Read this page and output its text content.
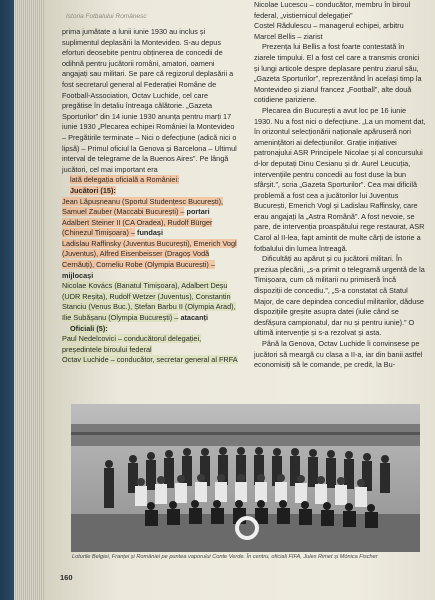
Istoria Fotbalului Românesc

prima jumătate a lunii iunie 1930 au inclus și suplimentul deplasării la Montevideo. S-au depus eforturi deosebite pentru obținerea de concedii de odihnă pentru jucătorii români, amatori, oameni angajați sau militari. Se pare că regizorul deplasării a fost secretarul general al Federației Române de Football-Association, Octav Luchide, cel care pregătise în detaliu întreaga călătorie. „Gazeta Sporturilor” din 14 iunie 1930 anunța pentru marți 17 iunie 1930 „Plecarea echipei României la Montevideo – Pregătirile terminate – Nici o defecțiune (adică nici o lipsă) – Primul oficiul la Genova și Barcelona – Ultimul interval de telegrame de la Buenos Aires”. Pe lângă jucători, cel mai important era

lată delegația oficială a României:

Jucători (15):

Jean Lăpușneanu (Sportul Studențesc București), Samuel Zauber (Maccabi București) – portari

Adalbert Steiner II (CA Oradea), Rudolf Bürger (Chinezul Timișoara) – fundași

Ladislau Raffinsky (Juventus București), Emerich Vogl (Juventus), Alfred Eisenbeisser (Dragoș Vodă Cernăuți), Corneliu Robe (Olympia București) – mijlocași

Nicolae Kovács (Banatul Timișoara), Adalbert Deșu (UDR Reșița), Rudolf Wetzer (Juventus), Constantin Stanciu (Venus Buc.), Ștefan Barbu II (Olympia Arad), Ilie Subășanu (Olympia București) – atacanți

Oficiali (5):

Paul Nedelcovici – conducătorul delegației, președintele biroului federal

Octav Luchide – conducător, secretar general al FRFA

Nicolae Lucescu – conducător, membru în biroul federal, „vistiernicul delegației”

Costel Rădulescu – managerul echipei, arbitru

Marcel Bellis – ziarist

Prezența lui Bellis a fost foarte contestată în ziarele timpului. El a fost cel care a transmis cronici și lungi articole despre deplasare pentru ziarul său, „Gazeta Sporturilor”, reprezentând în același timp la Montevideo și ziarul francez „Football”, alte două cotidiene pariziene.

Plecarea din București a avut loc pe 16 iunie 1930. Nu a fost nici o defecțiune. „La un moment dat, în orizontul selecționării naționale apăruseră nori amenințători ai defecțiunilor. Grație inițiativei patronajului ASR Principele Nicolae și al concursului d-lor deputați Dinu Cesianu și dr. Aurel Leucuția, intervențiile pentru concedii au fost duse la bun sfârșit.”, scria „Gazeta Sporturilor”. Cea mai dificilă problemă a fost cea a jucătorilor lui Juventus București, Emerich Vogl și Ladislau Raffinsky, care erau angajați la „Astra Română”. A fost nevoie, se pare, de intervenția proaspătului rege restaurat, ASR Carol al II-lea, fapt amintit de multe cărți de istorie a fotbalului din lumea întreagă.

Dificultăți au apărut și cu jucătorii militari. În preziua plecării, „s-a primit o telegramă urgentă de la Timișoara, cum că militarii nu primiseră încă dispoziții de concediu.”, „S-a constatat că Statul Major, de care depindea concediul militarilor, dăduse dispozițiile greșite asupra datei (iulie când se desfășura campionatul, dar nu și pentru iunie).” O ultimă intervenție și s-a rezolvat și asta.

Până la Genova, Octav Luchide îi convinsese pe jucători să meargă cu clasa a II-a, iar din banii astfel economisiți să le comande, pe credit, la Bu-

Loturile Belgiei, Franței și României pe puntea vaporului Conte Verde. În centru, oficiali FIFA, Jules Rimet și Mónica Fischer
160
